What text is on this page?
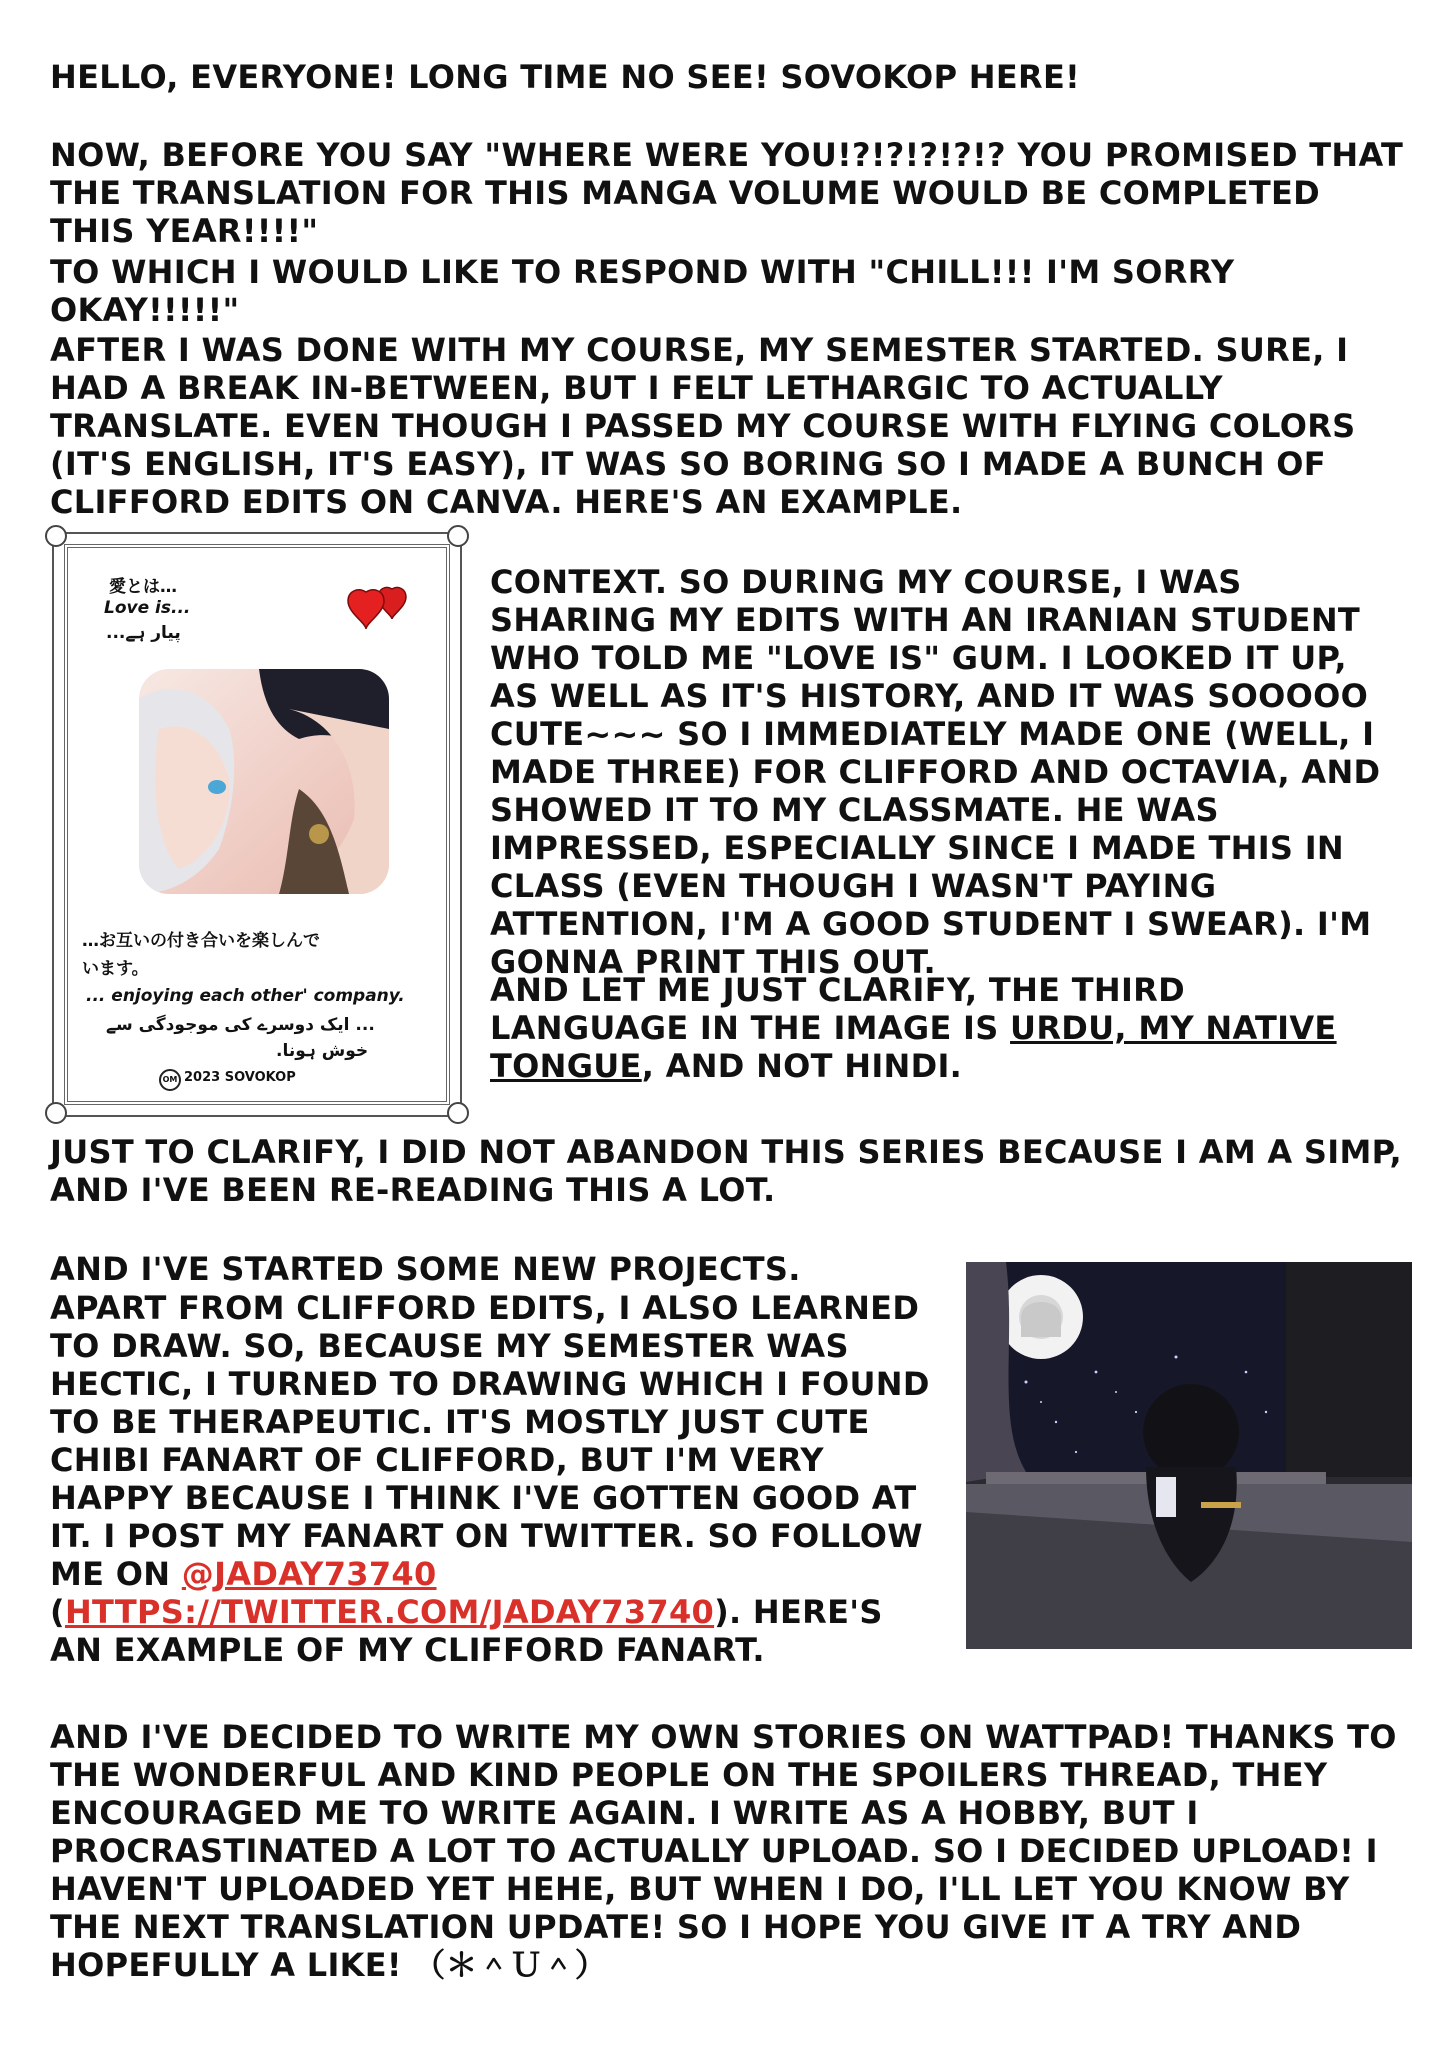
HELLO, EVERYONE! LONG TIME NO SEE! SOVOKOP HERE!

NOW, BEFORE YOU SAY "WHERE WERE YOU!?!?!?!?!? YOU PROMISED THAT THE TRANSLATION FOR THIS MANGA VOLUME WOULD BE COMPLETED THIS YEAR!!!!"

TO WHICH I WOULD LIKE TO RESPOND WITH "CHILL!!! I'M SORRY OKAY!!!!!"

AFTER I WAS DONE WITH MY COURSE, MY SEMESTER STARTED. SURE, I HAD A BREAK IN-BETWEEN, BUT I FELT LETHARGIC TO ACTUALLY TRANSLATE. EVEN THOUGH I PASSED MY COURSE WITH FLYING COLORS (IT'S ENGLISH, IT'S EASY), IT WAS SO BORING SO I MADE A BUNCH OF CLIFFORD EDITS ON CANVA. HERE'S AN EXAMPLE.

愛とは…
Love is...
پیار ہے...
…お互いの付き合いを楽しんで
います。
... enjoying each other' company.
... ایک دوسرے کی موجودگی سے
خوش ہونا.
OM 2023 SOVOKOP

CONTEXT. SO DURING MY COURSE, I WAS SHARING MY EDITS WITH AN IRANIAN STUDENT WHO TOLD ME "LOVE IS" GUM. I LOOKED IT UP, AS WELL AS IT'S HISTORY, AND IT WAS SOOOOO CUTE~~~ SO I IMMEDIATELY MADE ONE (WELL, I MADE THREE) FOR CLIFFORD AND OCTAVIA, AND SHOWED IT TO MY CLASSMATE. HE WAS IMPRESSED, ESPECIALLY SINCE I MADE THIS IN CLASS (EVEN THOUGH I WASN'T PAYING ATTENTION, I'M A GOOD STUDENT I SWEAR). I'M GONNA PRINT THIS OUT.

AND LET ME JUST CLARIFY, THE THIRD LANGUAGE IN THE IMAGE IS URDU, MY NATIVE TONGUE, AND NOT HINDI.

JUST TO CLARIFY, I DID NOT ABANDON THIS SERIES BECAUSE I AM A SIMP, AND I'VE BEEN RE-READING THIS A LOT.

AND I'VE STARTED SOME NEW PROJECTS.

APART FROM CLIFFORD EDITS, I ALSO LEARNED TO DRAW. SO, BECAUSE MY SEMESTER WAS HECTIC, I TURNED TO DRAWING WHICH I FOUND TO BE THERAPEUTIC. IT'S MOSTLY JUST CUTE CHIBI FANART OF CLIFFORD, BUT I'M VERY HAPPY BECAUSE I THINK I'VE GOTTEN GOOD AT IT. I POST MY FANART ON TWITTER. SO FOLLOW ME ON @JADAY73740 (HTTPS://TWITTER.COM/JADAY73740). HERE'S AN EXAMPLE OF MY CLIFFORD FANART.

AND I'VE DECIDED TO WRITE MY OWN STORIES ON WATTPAD! THANKS TO THE WONDERFUL AND KIND PEOPLE ON THE SPOILERS THREAD, THEY ENCOURAGED ME TO WRITE AGAIN. I WRITE AS A HOBBY, BUT I PROCRASTINATED A LOT TO ACTUALLY UPLOAD. SO I DECIDED UPLOAD! I HAVEN'T UPLOADED YET HEHE, BUT WHEN I DO, I'LL LET YOU KNOW BY THE NEXT TRANSLATION UPDATE! SO I HOPE YOU GIVE IT A TRY AND HOPEFULLY A LIKE! （＊＾Ｕ＾）
